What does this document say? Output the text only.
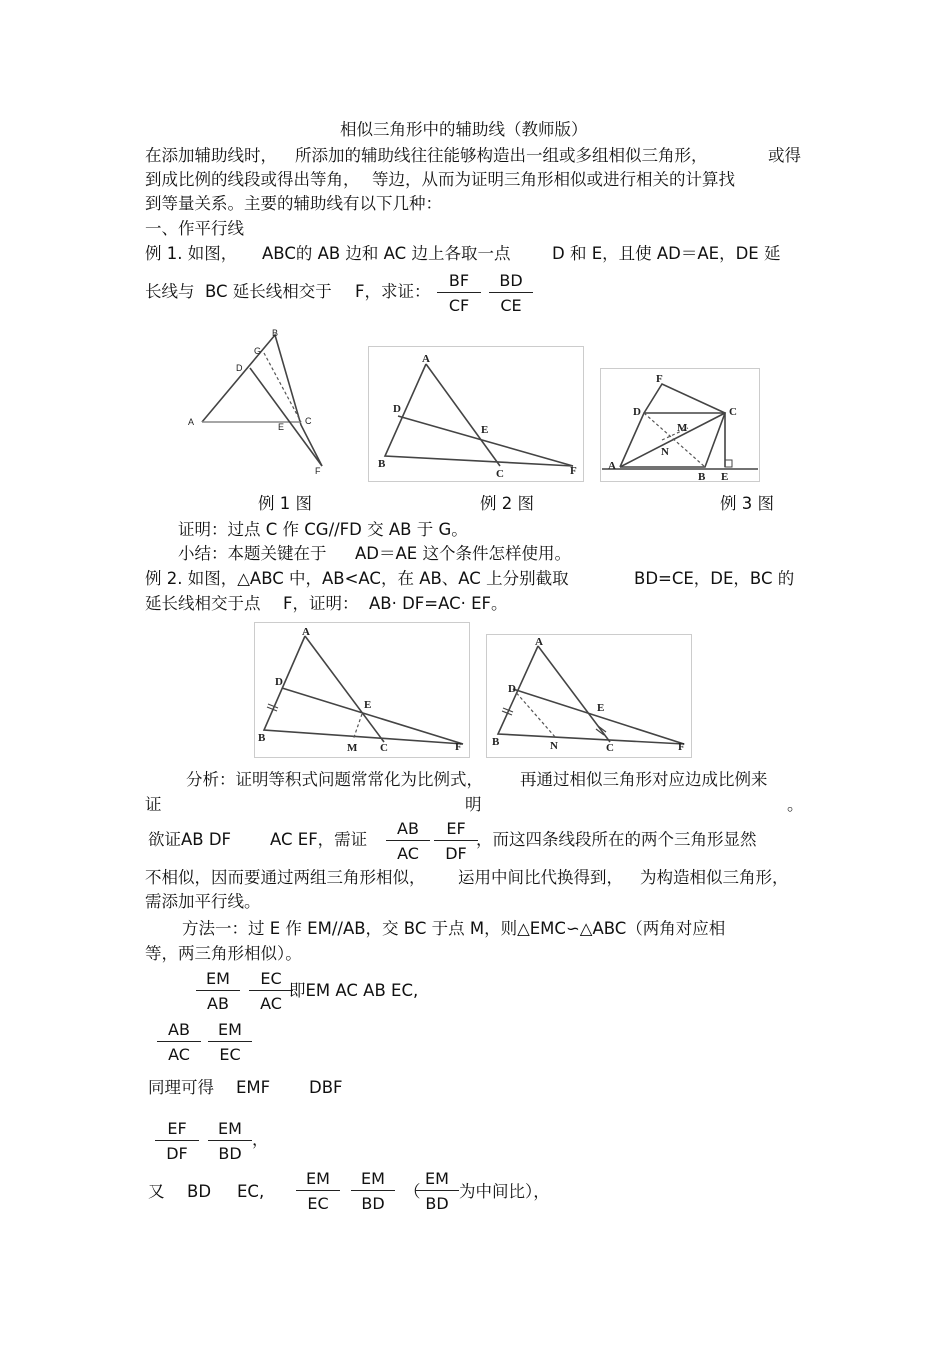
相似三角形中的辅助线（教师版）
在添加辅助线时， 所添加的辅助线往往能够构造出一组或多组相似三角形，	或得
到成比例的线段或得出等角， 等边，从而为证明三角形相似或进行相关的计算找
到等量关系。主要的辅助线有以下几种：
一、作平行线
例 1. 如图， ABC的 AB 边和 AC 边上各取一点	D 和 E，且使 AD＝AE，DE 延
长线与 BC 延长线相交于 F，求证： $\frac{BF}{CF} \frac{BD}{CE}$
A
B
C
D
E
F
G
A
B
C
D
E
F
F
D	C
A
B E
M
N
例 1 图	例 2 图	例 3 图
证明：过点 C 作 CG//FD 交 AB 于 G。
小结：本题关键在于 AD＝AE 这个条件怎样使用。
例 2. 如图，△ABC 中，AB<AC，在 AB、AC 上分别截取	BD=CE，DE，BC 的
延长线相交于点 F，证明： AB· DF=AC· EF。
A
B
C
D
E
F
M
A
B	C
D
E
F
N
分析：证明等积式问题常常化为比例式， 再通过相似三角形对应边成比例来
证	明	。
欲证AB DF AC EF，需证 $\frac{AB}{AC} \frac{EF}{DF}$
，而这四条线段所在的两个三角形显然
不相似，因而要通过两组三角形相似， 运用中间比代换得到， 为构造相似三角形，
需添加平行线。
方法一：过 E 作 EM//AB，交 BC 于点 M，则△EMC∽△ABC（两角对应相
等，两三角形相似）。
$\frac{EM}{AB} \frac{EC}{AC}$
即EM AC AB EC,
$\frac{AB}{AC} \frac{EM}{EC}$
同理可得 EMF DBF
$\frac{EF}{DF} \frac{EM}{BD}$ ，
又 BD EC, $\frac{EM}{EC} \frac{EM}{BD}$ （
$\frac{EM}{BD}$ 为中间比），
